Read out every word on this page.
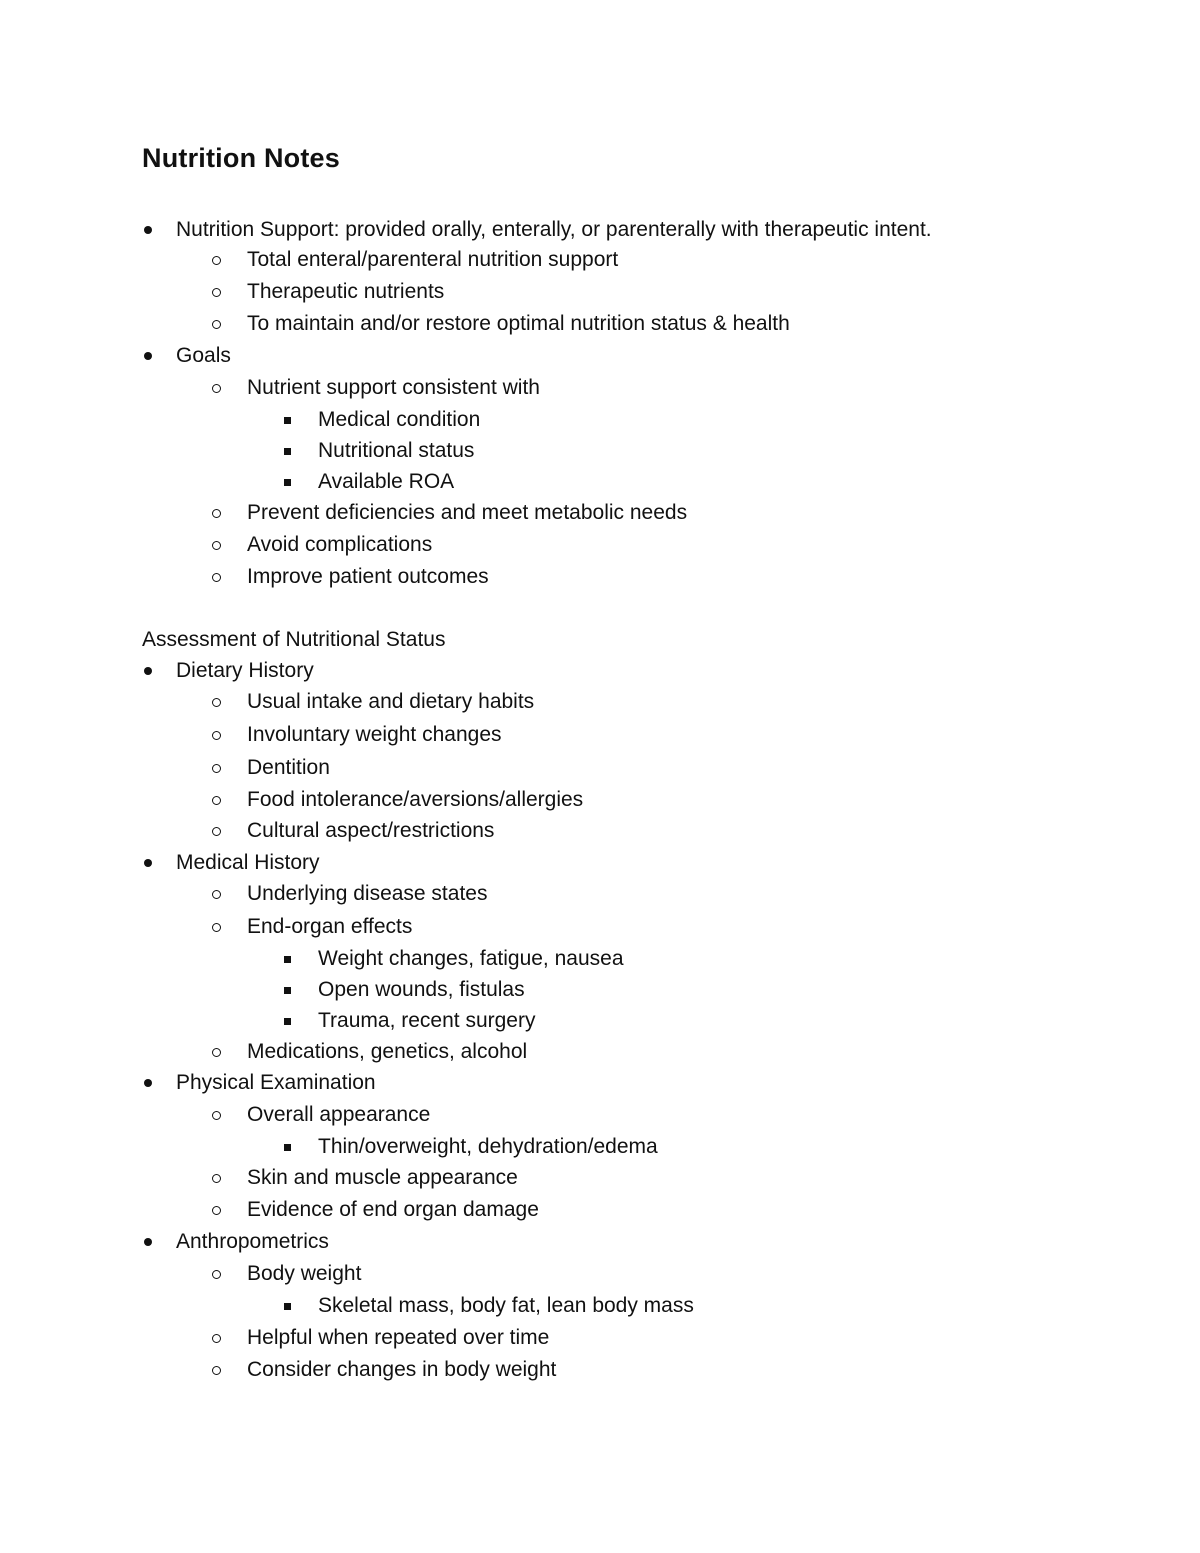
Nutrition Notes
Nutrition Support: provided orally, enterally, or parenterally with therapeutic intent.
Total enteral/parenteral nutrition support
Therapeutic nutrients
To maintain and/or restore optimal nutrition status & health
Goals
Nutrient support consistent with
Medical condition
Nutritional status
Available ROA
Prevent deficiencies and meet metabolic needs
Avoid complications
Improve patient outcomes
Assessment of Nutritional Status
Dietary History
Usual intake and dietary habits
Involuntary weight changes
Dentition
Food intolerance/aversions/allergies
Cultural aspect/restrictions
Medical History
Underlying disease states
End-organ effects
Weight changes, fatigue, nausea
Open wounds, fistulas
Trauma, recent surgery
Medications, genetics, alcohol
Physical Examination
Overall appearance
Thin/overweight, dehydration/edema
Skin and muscle appearance
Evidence of end organ damage
Anthropometrics
Body weight
Skeletal mass, body fat, lean body mass
Helpful when repeated over time
Consider changes in body weight
